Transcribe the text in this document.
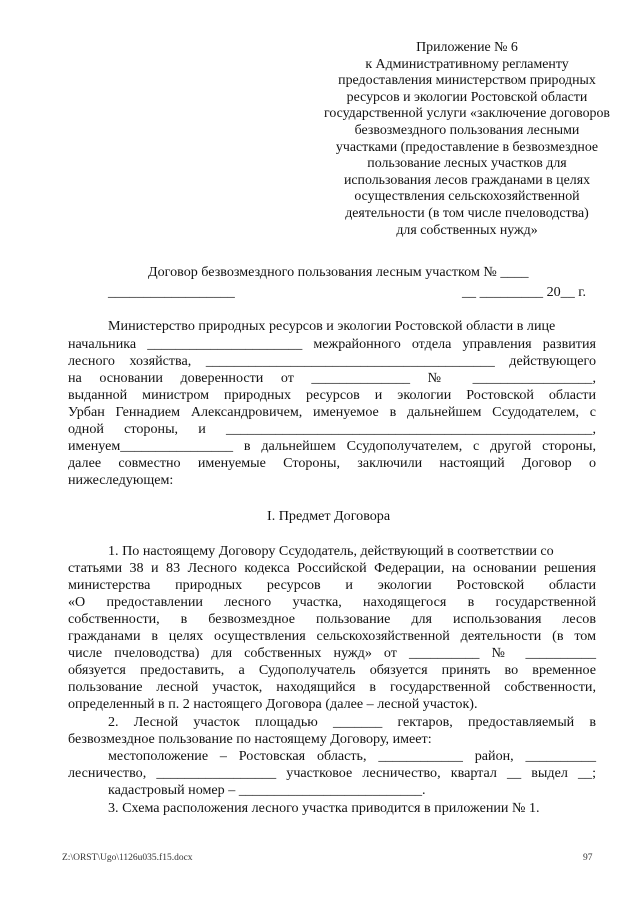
Приложение № 6
к Административному регламенту
предоставления министерством природных
ресурсов и экологии Ростовской области
государственной услуги «заключение договоров
безвозмездного пользования лесными
участками (предоставление в безвозмездное
пользование лесных участков для
использования лесов гражданами в целях
осуществления сельскохозяйственной
деятельности (в том числе пчеловодства)
для собственных нужд»
Договор безвозмездного пользования лесным участком № ____
__________________	__ _________ 20__ г.
Министерство природных ресурсов и экологии Ростовской области в лице
начальника ______________________ межрайонного отдела управления развития
лесного хозяйства, _________________________________________ действующего
на основании доверенности от ______________ № _________________,
выданной министром природных ресурсов и экологии Ростовской области
Урбан Геннадием Александровичем, именуемое в дальнейшем Ссудодателем, с
одной стороны, и ____________________________________________________,
именуем________________ в дальнейшем Ссудополучателем, с другой стороны,
далее совместно именуемые Стороны, заключили настоящий Договор о
нижеследующем:
I. Предмет Договора
1. По настоящему Договору Ссудодатель, действующий в соответствии со
статьями 38 и 83 Лесного кодекса Российской Федерации, на основании решения
министерства природных ресурсов и экологии Ростовской области
«О предоставлении лесного участка, находящегося в государственной
собственности, в безвозмездное пользование для использования лесов
гражданами в целях осуществления сельскохозяйственной деятельности (в том
числе пчеловодства) для собственных нужд» от __________ № __________
обязуется предоставить, а Судополучатель обязуется принять во временное
пользование лесной участок, находящийся в государственной собственности,
определенный в п. 2 настоящего Договора (далее – лесной участок).
2. Лесной участок площадью _______ гектаров, предоставляемый в
безвозмездное пользование по настоящему Договору, имеет:
местоположение – Ростовская область, ____________ район, __________
лесничество, _________________ участковое лесничество, квартал __ выдел __;
кадастровый номер – __________________________.
3. Схема расположения лесного участка приводится в приложении № 1.
Z:\ORST\Ugo\1126u035.f15.docx	97
